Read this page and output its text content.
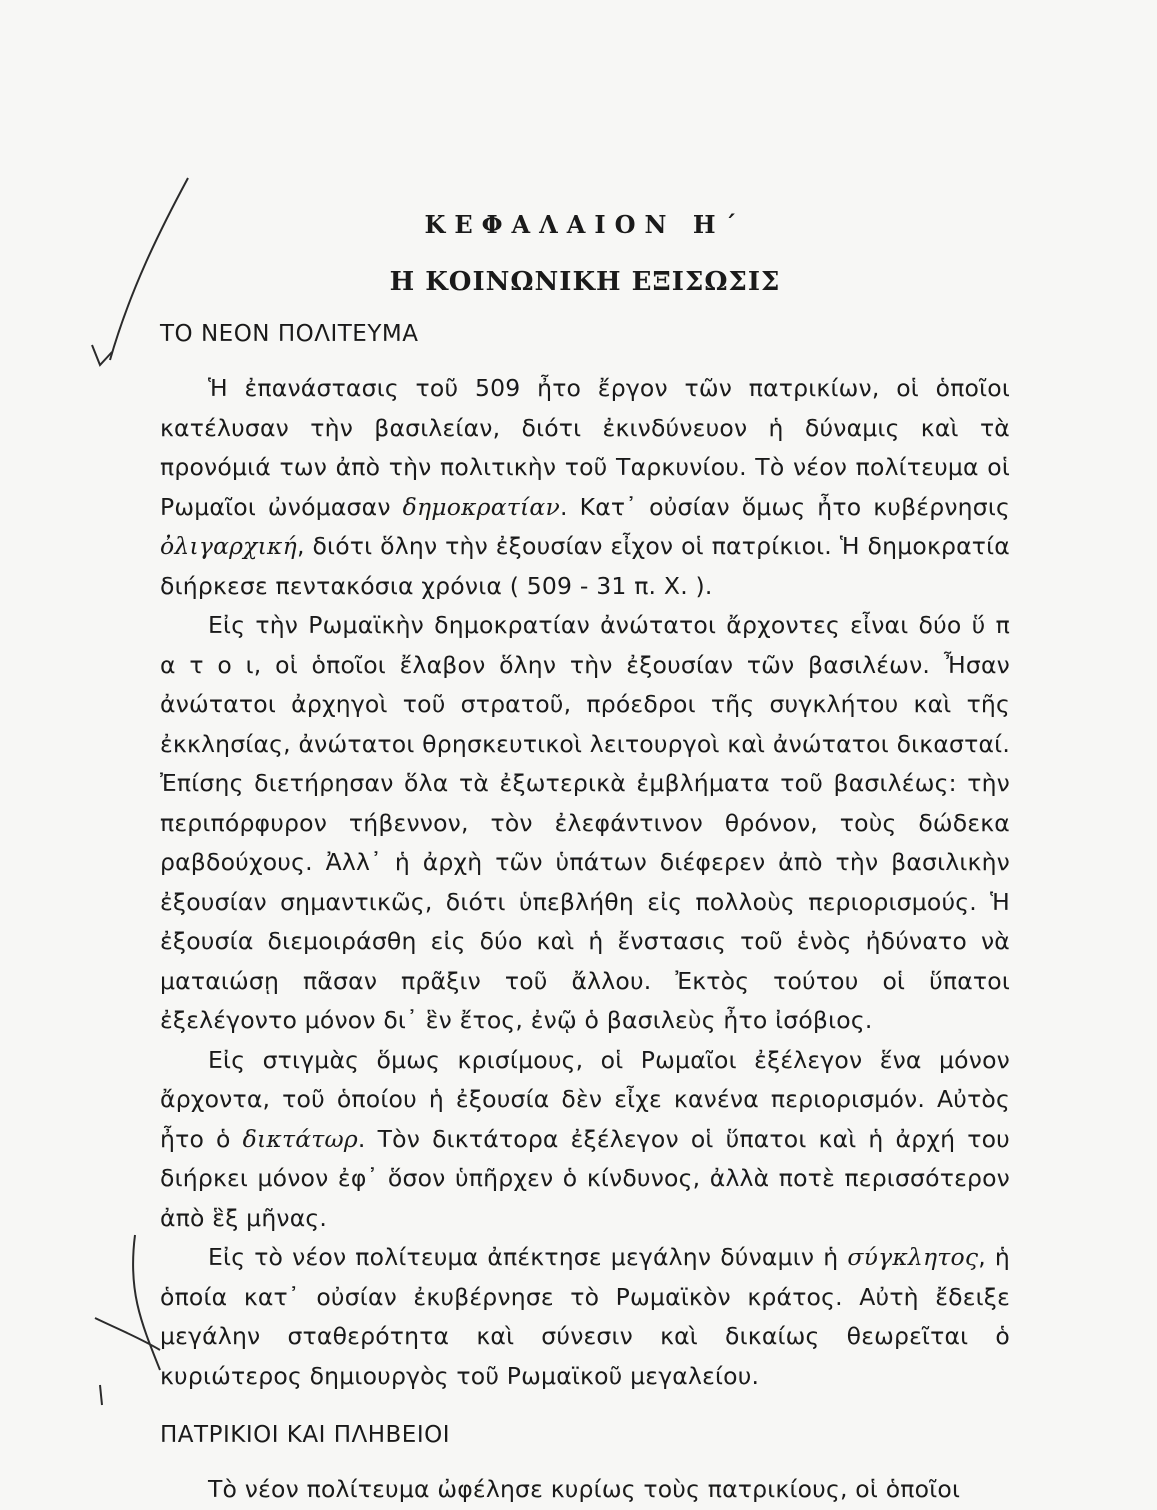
ΚΕΦΑΛΑΙΟΝ Η΄
Η ΚΟΙΝΩΝΙΚΗ ΕΞΙΣΩΣΙΣ
ΤΟ ΝΕΟΝ ΠΟΛΙΤΕΥΜΑ

Ἡ ἐπανάστασις τοῦ 509 ἦτο ἔργον τῶν πατρικίων, οἱ ὁποῖοι κατέλυσαν τὴν βασιλείαν, διότι ἐκινδύνευον ἡ δύναμις καὶ τὰ προνόμιά των ἀπὸ τὴν πολιτικὴν τοῦ Ταρκυνίου. Τὸ νέον πολίτευμα οἱ Ρωμαῖοι ὠνόμασαν δημοκρατίαν. Κατ᾽ οὐσίαν ὅμως ἦτο κυβέρνησις ὀλιγαρχική, διότι ὅλην τὴν ἐξουσίαν εἶχον οἱ πατρίκιοι. Ἡ δημοκρατία διήρκεσε πεντακόσια χρόνια ( 509 - 31 π. Χ. ).

Εἰς τὴν Ρωμαϊκὴν δημοκρατίαν ἀνώτατοι ἄρχοντες εἶναι δύο ὕ π α τ ο ι, οἱ ὁποῖοι ἔλαβον ὅλην τὴν ἐξουσίαν τῶν βασιλέων. Ἦσαν ἀνώτατοι ἀρχηγοὶ τοῦ στρατοῦ, πρόεδροι τῆς συγκλήτου καὶ τῆς ἐκκλησίας, ἀνώτατοι θρησκευτικοὶ λειτουργοὶ καὶ ἀνώτατοι δικασταί. Ἐπίσης διετήρησαν ὅλα τὰ ἐξωτερικὰ ἐμβλήματα τοῦ βασιλέως: τὴν περιπόρφυρον τήβεννον, τὸν ἐλεφάντινον θρόνον, τοὺς δώδεκα ραβδούχους. Ἀλλ᾽ ἡ ἀρχὴ τῶν ὑπάτων διέφερεν ἀπὸ τὴν βασιλικὴν ἐξουσίαν σημαντικῶς, διότι ὑπεβλήθη εἰς πολλοὺς περιορισμούς. Ἡ ἐξουσία διεμοιράσθη εἰς δύο καὶ ἡ ἔνστασις τοῦ ἑνὸς ἠδύνατο νὰ ματαιώσῃ πᾶσαν πρᾶξιν τοῦ ἄλλου. Ἐκτὸς τούτου οἱ ὕπατοι ἐξελέγοντο μόνον δι᾽ ἓν ἔτος, ἐνῷ ὁ βασιλεὺς ἦτο ἰσόβιος.

Εἰς στιγμὰς ὅμως κρισίμους, οἱ Ρωμαῖοι ἐξέλεγον ἕνα μόνον ἄρχοντα, τοῦ ὁποίου ἡ ἐξουσία δὲν εἶχε κανένα περιορισμόν. Αὐτὸς ἦτο ὁ δικτάτωρ. Τὸν δικτάτορα ἐξέλεγον οἱ ὕπατοι καὶ ἡ ἀρχή του διήρκει μόνον ἐφ᾽ ὅσον ὑπῆρχεν ὁ κίνδυνος, ἀλλὰ ποτὲ περισσότερον ἀπὸ ἓξ μῆνας.

Εἰς τὸ νέον πολίτευμα ἀπέκτησε μεγάλην δύναμιν ἡ σύγκλητος, ἡ ὁποία κατ᾽ οὐσίαν ἐκυβέρνησε τὸ Ρωμαϊκὸν κράτος. Αὐτὴ ἔδειξε μεγάλην σταθερότητα καὶ σύνεσιν καὶ δικαίως θεωρεῖται ὁ κυριώτερος δημιουργὸς τοῦ Ρωμαϊκοῦ μεγαλείου.

ΠΑΤΡΙΚΙΟΙ ΚΑΙ ΠΛΗΒΕΙΟΙ

Τὸ νέον πολίτευμα ὠφέλησε κυρίως τοὺς πατρικίους, οἱ ὁποῖοι
